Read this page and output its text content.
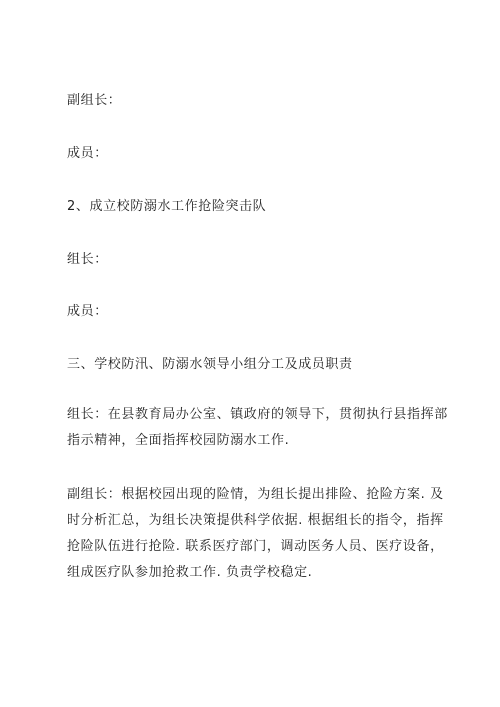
副组长：
成员：
2、成立校防溺水工作抢险突击队
组长：
成员：
三、学校防汛、防溺水领导小组分工及成员职责
组长：在县教育局办公室、镇政府的领导下，贯彻执行县指挥部
指示精神，全面指挥校园防溺水工作.
副组长：根据校园出现的险情，为组长提出排险、抢险方案. 及
时分析汇总，为组长决策提供科学依据. 根据组长的指令，指挥
抢险队伍进行抢险. 联系医疗部门，调动医务人员、医疗设备，
组成医疗队参加抢救工作. 负责学校稳定.
